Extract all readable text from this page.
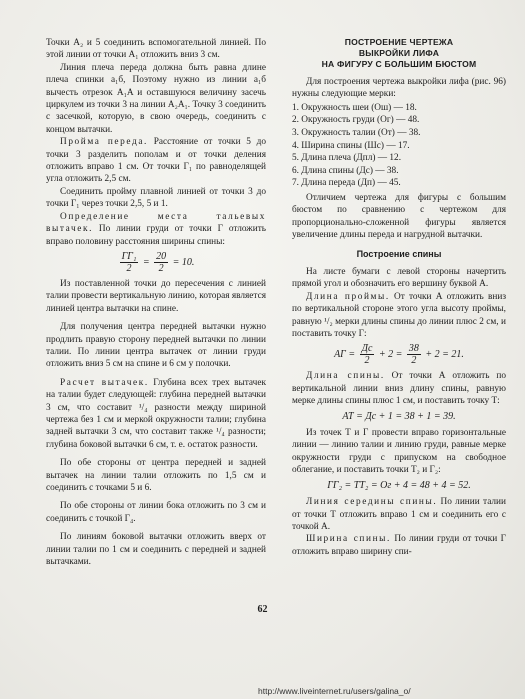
Точки A₂ и 5 соединить вспомогательной линией. По этой линии от точки A₁ отложить вниз 3 см.

Линия плеча переда должна быть равна длине плеча спинки а₁б, Поэтому нужно из линии а₁б вычесть отрезок A₁A и оставшуюся величину засечь циркулем из точки 3 на линии A₂A₁. Точку 3 соединить с засечкой, которую, в свою очередь, соединить с концом вытачки.

Пройма переда. Расстояние от точки 5 до точки 3 разделить пополам и от точки деления отложить вправо 1 см. От точки Г₁ по равноделящей угла отложить 2,5 см.

Соединить пройму плавной линией от точки 3 до точки Г₁ через точки 2,5, 5 и 1.

Определение места тальевых вытачек. По линии груди от точки Г отложить вправо половину расстояния ширины спины:

$\frac{\text{ГГ₁}}{2} = \frac{20}{2} = 10$.

Из поставленной точки до пересечения с линией талии провести вертикальную линию, которая является линией центра вытачки на спине.

Для получения центра передней вытачки нужно продлить правую сторону передней вытачки по линии талии. По линии центра вытачек от линии груди отложить вниз 5 см на спине и 6 см у полочки.

Расчет вытачек. Глубина всех трех вытачек на талии будет следующей: глубина передней вытачки 3 см, что составит ¹/₄ разности между шириной чертежа без 1 см и меркой окружности талии; глубина задней вытачки 3 см, что составит также ¹/₄ разности; глубина боковой вытачки 6 см, т. е. остаток разности.

По обе стороны от центра передней и задней вытачек на линии талии отложить по 1,5 см и соединить с точками 5 и 6.

По обе стороны от линии бока отложить по 3 см и соединить с точкой Г₄.

По линиям боковой вытачки отложить вверх от линии талии по 1 см и соединить с передней и задней вытачками.

ПОСТРОЕНИЕ ЧЕРТЕЖА
ВЫКРОЙКИ ЛИФА
НА ФИГУРУ С БОЛЬШИМ БЮСТОМ

Для построения чертежа выкройки лифа (рис. 96) нужны следующие мерки:

1. Окружность шеи (Ош) — 18.
2. Окружность груди (Ог) — 48.
3. Окружность талии (От) — 38.
4. Ширина спины (Шс) — 17.
5. Длина плеча (Дпл) — 12.
6. Длина спины (Дс) — 38.
7. Длина переда (Дп) — 45.

Отличием чертежа для фигуры с большим бюстом по сравнению с чертежом для пропорционально-сложенной фигуры является увеличение длины переда и нагрудной вытачки.

Построение спины

На листе бумаги с левой стороны начертить прямой угол и обозначить его вершину буквой А.

Длина проймы. От точки А отложить вниз по вертикальной стороне этого угла высоту проймы, равную ¹/₂ мерки длины спины до линии плюс 2 см, и поставить точку Г:

АГ = $\frac{Дс}{2} + 2 = \frac{38}{2} + 2 = 21$.

Длина спины. От точки А отложить по вертикальной линии вниз длину спины, равную мерке длины спины плюс 1 см, и поставить точку Т:

АТ = Дс + 1 = 38 + 1 = 39.

Из точек Т и Г провести вправо горизонтальные линии — линию талии и линию груди, равные мерке окружности груди с припуском на свободное облегание, и поставить точки Т₂ и Г₂:

ГГ₂ = ТТ₂ = Ог + 4 = 48 + 4 = 52.

Линия середины спины. По линии талии от точки Т отложить вправо 1 см и соединить его с точкой А.

Ширина спины. По линии груди от точки Г отложить вправо ширину спи-

62
http://www.liveinternet.ru/users/galina_o/
